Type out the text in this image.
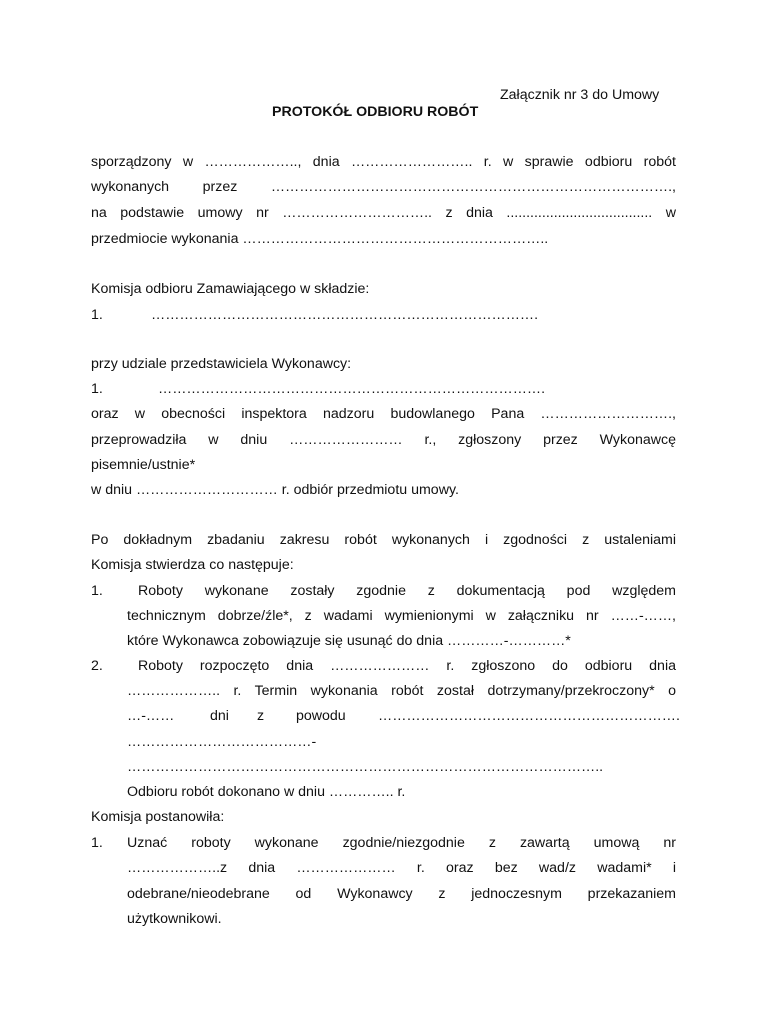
Załącznik nr 3 do Umowy
PROTOKÓŁ ODBIORU ROBÓT
sporządzony w ……………….., dnia …………………….. r. w sprawie odbioru robót
wykonanych przez ………………………………………………………………………….,
na podstawie umowy nr ………………………….. z dnia ..................................... w
przedmiocie wykonania ………………………………………………………..
Komisja odbioru Zamawiającego w składzie:
1.	……………………………………………………………………….
przy udziale przedstawiciela Wykonawcy:
1.	……………………………………………………………………….
oraz w obecności inspektora nadzoru budowlanego Pana ……………………….,
przeprowadziła w dniu …………………… r., zgłoszony przez Wykonawcę
pisemnie/ustnie*
w dniu ………………………… r. odbiór przedmiotu umowy.
Po dokładnym zbadaniu zakresu robót wykonanych i zgodności z ustaleniami
Komisja stwierdza co następuje:
1. Roboty wykonane zostały zgodnie z dokumentacją pod względem
technicznym dobrze/źle*, z wadami wymienionymi w załączniku nr ……-……,
które Wykonawca zobowiązuje się usunąć do dnia …………-…………*
2. Roboty rozpoczęto dnia ………………… r. zgłoszono do odbioru dnia
……………….. r. Termin wykonania robót został dotrzymany/przekroczony* o
…-……	dni z powodu ……………………………………………………….
…………………………………-
………………………………………………………………………………………..
Odbioru robót dokonano w dniu ………….. r.
Komisja postanowiła:
1. Uznać roboty wykonane zgodnie/niezgodnie z zawartą umową nr
………………..z dnia ………………… r. oraz bez wad/z wadami* i
odebrane/nieodebrane od Wykonawcy z jednoczesnym przekazaniem
użytkownikowi.
